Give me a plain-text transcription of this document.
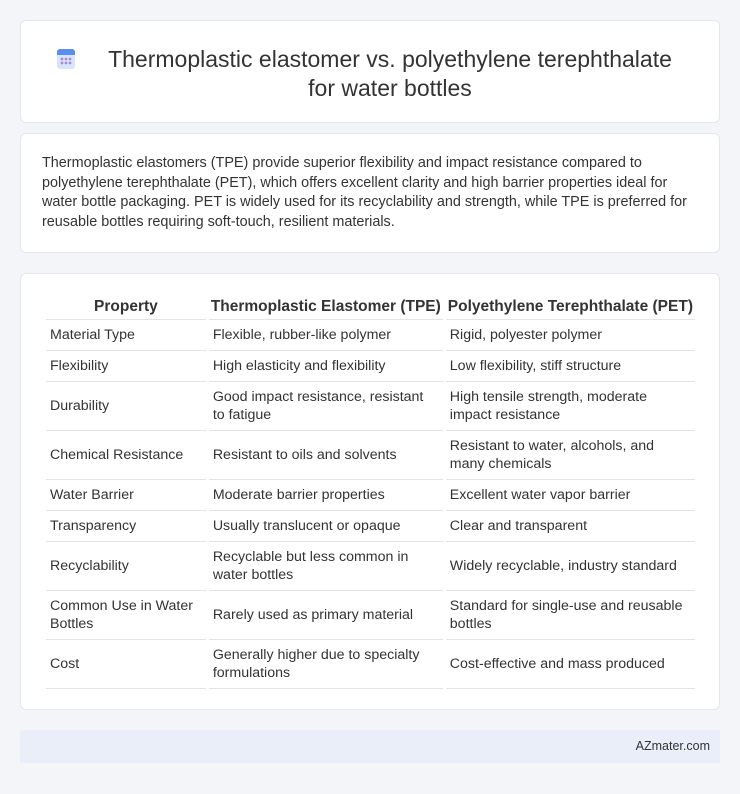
Thermoplastic elastomer vs. polyethylene terephthalate for water bottles

Thermoplastic elastomers (TPE) provide superior flexibility and impact resistance compared to polyethylene terephthalate (PET), which offers excellent clarity and high barrier properties ideal for water bottle packaging. PET is widely used for its recyclability and strength, while TPE is preferred for reusable bottles requiring soft-touch, resilient materials.

Property	Thermoplastic Elastomer (TPE)	Polyethylene Terephthalate (PET)
Material Type	Flexible, rubber-like polymer	Rigid, polyester polymer
Flexibility	High elasticity and flexibility	Low flexibility, stiff structure
Durability	Good impact resistance, resistant to fatigue	High tensile strength, moderate impact resistance
Chemical Resistance	Resistant to oils and solvents	Resistant to water, alcohols, and many chemicals
Water Barrier	Moderate barrier properties	Excellent water vapor barrier
Transparency	Usually translucent or opaque	Clear and transparent
Recyclability	Recyclable but less common in water bottles	Widely recyclable, industry standard
Common Use in Water Bottles	Rarely used as primary material	Standard for single-use and reusable bottles
Cost	Generally higher due to specialty formulations	Cost-effective and mass produced
AZmater.com
